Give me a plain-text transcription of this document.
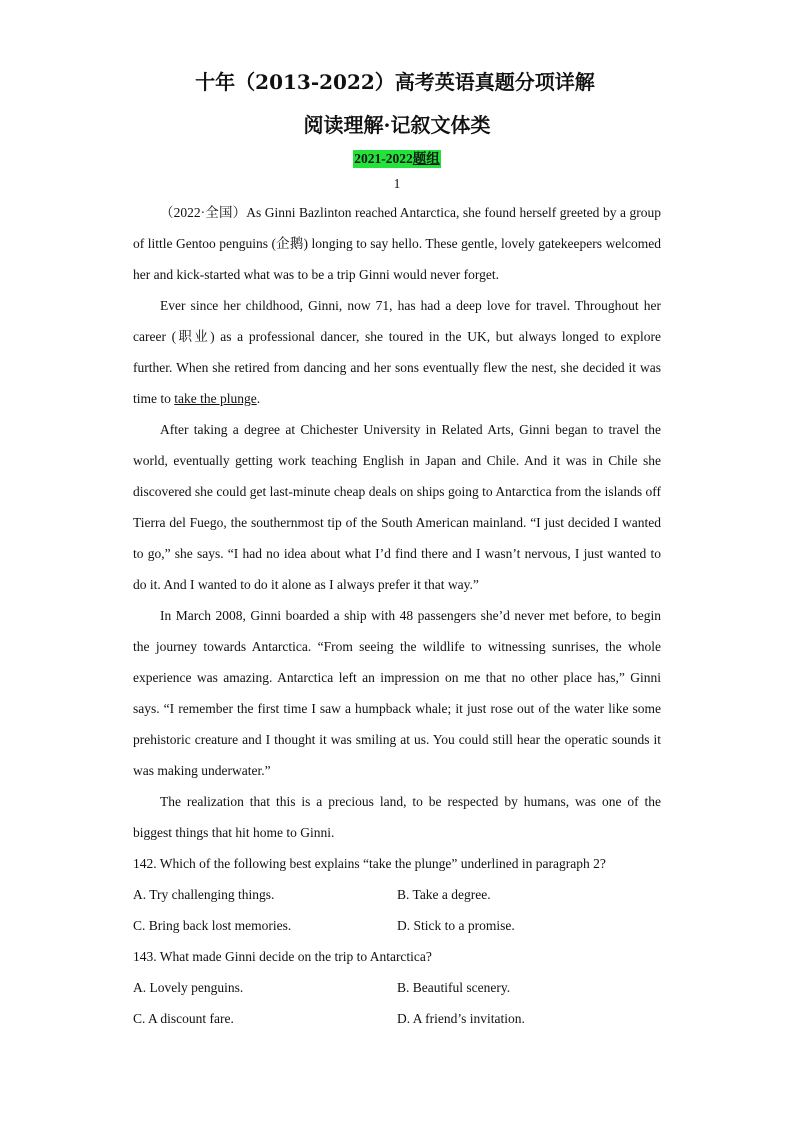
十年（2013-2022）高考英语真题分项详解
阅读理解·记叙文体类
2021-2022题组
1

（2022·全国）As Ginni Bazlinton reached Antarctica, she found herself greeted by a group of little Gentoo penguins (企鹅) longing to say hello. These gentle, lovely gatekeepers welcomed her and kick-started what was to be a trip Ginni would never forget.

Ever since her childhood, Ginni, now 71, has had a deep love for travel. Throughout her career (职业) as a professional dancer, she toured in the UK, but always longed to explore further. When she retired from dancing and her sons eventually flew the nest, she decided it was time to take the plunge.

After taking a degree at Chichester University in Related Arts, Ginni began to travel the world, eventually getting work teaching English in Japan and Chile. And it was in Chile she discovered she could get last-minute cheap deals on ships going to Antarctica from the islands off Tierra del Fuego, the southernmost tip of the South American mainland. “I just decided I wanted to go,” she says. “I had no idea about what I’d find there and I wasn’t nervous, I just wanted to do it. And I wanted to do it alone as I always prefer it that way.”

In March 2008, Ginni boarded a ship with 48 passengers she’d never met before, to begin the journey towards Antarctica. “From seeing the wildlife to witnessing sunrises, the whole experience was amazing. Antarctica left an impression on me that no other place has,” Ginni says. “I remember the first time I saw a humpback whale; it just rose out of the water like some prehistoric creature and I thought it was smiling at us. You could still hear the operatic sounds it was making underwater.”

The realization that this is a precious land, to be respected by humans, was one of the biggest things that hit home to Ginni.

142. Which of the following best explains “take the plunge” underlined in paragraph 2?

A. Try challenging things.	B. Take a degree.
C. Bring back lost memories.	D. Stick to a promise.

143. What made Ginni decide on the trip to Antarctica?

A. Lovely penguins.	B. Beautiful scenery.
C. A discount fare.	D. A friend’s invitation.
